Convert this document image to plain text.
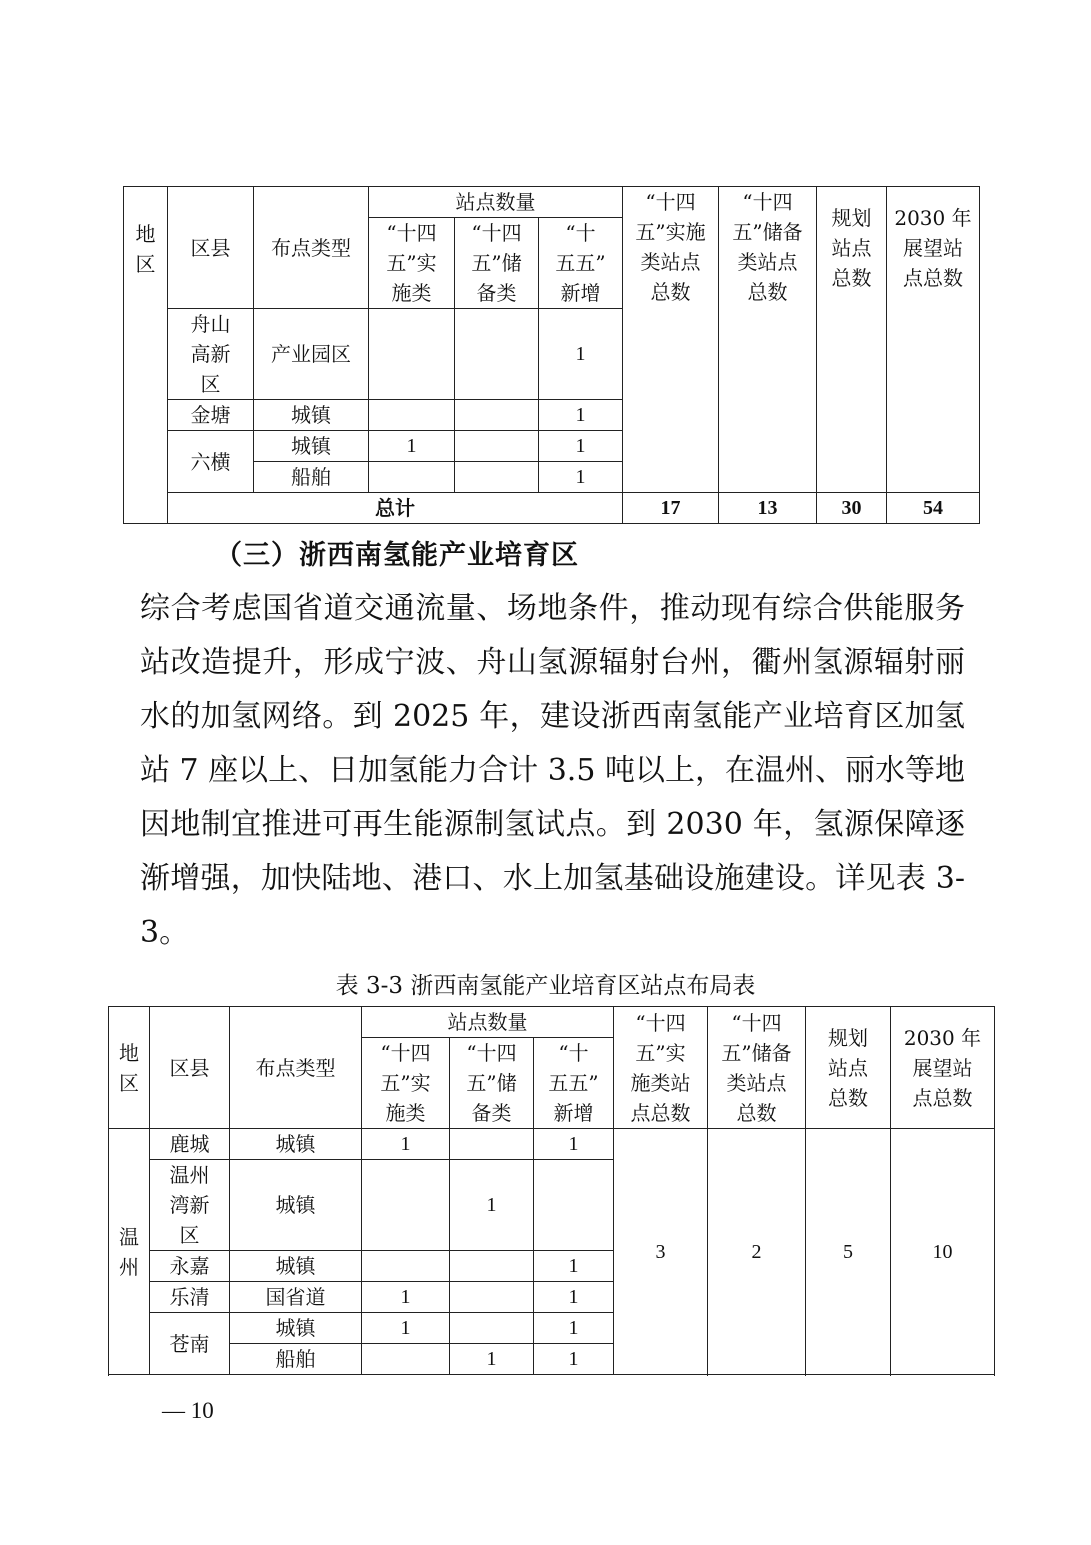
地
区	区县	布点类型	站点数量			“十四
五”实施
类站点
总数	“十四
五”储备
类站点
总数	规划
站点
总数	2030 年
展望站
点总数
			“十四
五”实
施类	“十四
五”储
备类	“十
五五”
新增				
	舟山
高新
区	产业园区			1				
	金塘	城镇			1				
	六横	城镇	1		1				
		船舶			1				
	总计					17	13	30	54
（三）浙西南氢能产业培育区

综合考虑国省道交通流量、场地条件，推动现有综合供能服务站改造提升，形成宁波、舟山氢源辐射台州，衢州氢源辐射丽水的加氢网络。到 2025 年，建设浙西南氢能产业培育区加氢站 7 座以上、日加氢能力合计 3.5 吨以上，在温州、丽水等地因地制宜推进可再生能源制氢试点。到 2030 年，氢源保障逐渐增强，加快陆地、港口、水上加氢基础设施建设。详见表 3-3。

表 3-3 浙西南氢能产业培育区站点布局表
地
区	区县	布点类型	站点数量			“十四
五”实
施类站
点总数	“十四
五”储备
类站点
总数	规划
站点
总数	2030 年
展望站
点总数
			“十四
五”实
施类	“十四
五”储
备类	“十
五五”
新增				
温
州	鹿城	城镇	1		1	3	2	5	10
	温州
湾新
区	城镇		1					
	永嘉	城镇			1				
	乐清	国省道	1		1				
	苍南	城镇	1		1				
		船舶		1	1				

— 10
